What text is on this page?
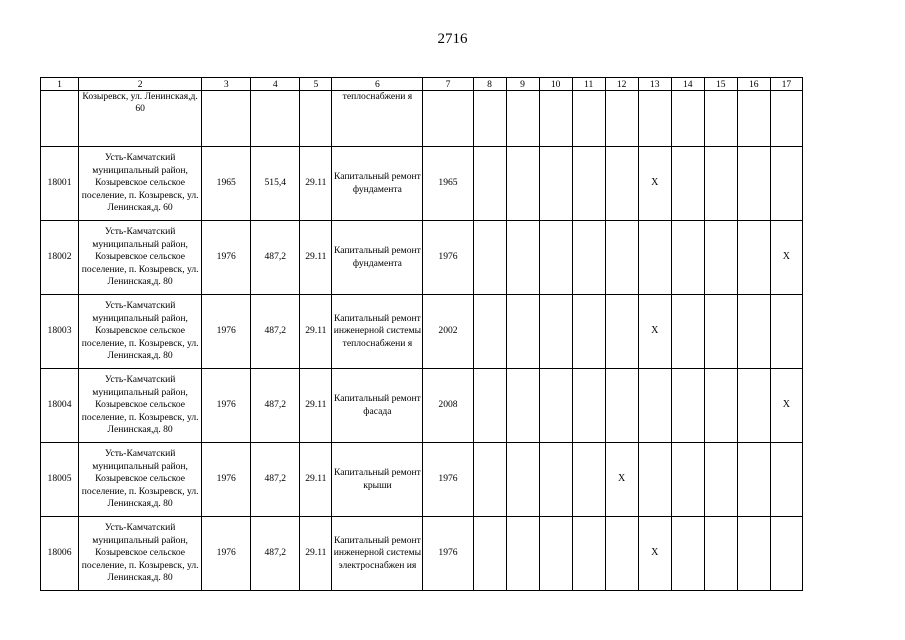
2716
1	2	3	4	5	6	7	8	9	10	11	12	13	14	15	16	17
	Козыревск, ул. Ленинская,д. 60				теплоснабжени я											
18001	Усть-Камчатский муниципальный район, Козыревское сельское поселение, п. Козыревск, ул. Ленинская,д. 60	1965	515,4	29.11	Капитальный ремонт фундамента	1965						X				
18002	Усть-Камчатский муниципальный район, Козыревское сельское поселение, п. Козыревск, ул. Ленинская,д. 80	1976	487,2	29.11	Капитальный ремонт фундамента	1976										X
18003	Усть-Камчатский муниципальный район, Козыревское сельское поселение, п. Козыревск, ул. Ленинская,д. 80	1976	487,2	29.11	Капитальный ремонт инженерной системы теплоснабжени я	2002						X				
18004	Усть-Камчатский муниципальный район, Козыревское сельское поселение, п. Козыревск, ул. Ленинская,д. 80	1976	487,2	29.11	Капитальный ремонт фасада	2008										X
18005	Усть-Камчатский муниципальный район, Козыревское сельское поселение, п. Козыревск, ул. Ленинская,д. 80	1976	487,2	29.11	Капитальный ремонт крыши	1976					X					
18006	Усть-Камчатский муниципальный район, Козыревское сельское поселение, п. Козыревск, ул. Ленинская,д. 80	1976	487,2	29.11	Капитальный ремонт инженерной системы электроснабжен ия	1976						X				
